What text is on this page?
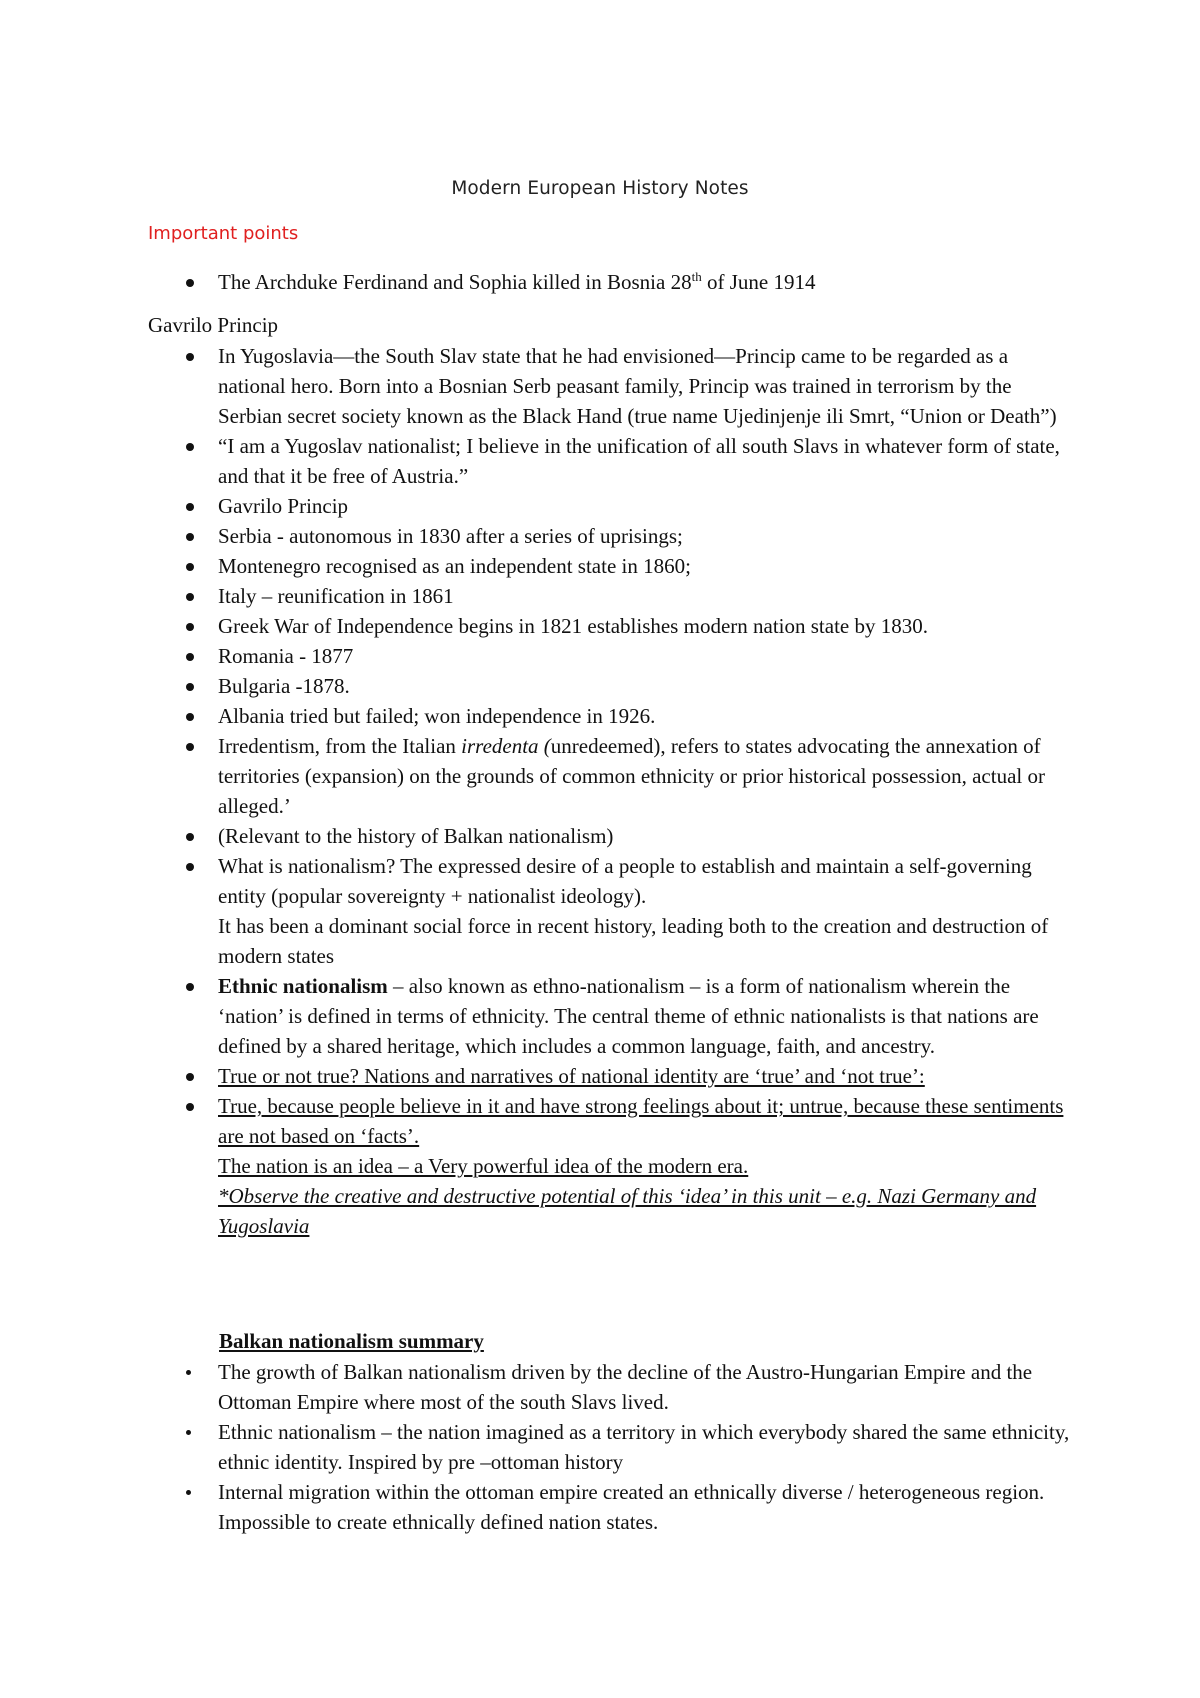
Modern European History Notes
Important points
The Archduke Ferdinand and Sophia killed in Bosnia 28th of June 1914
Gavrilo Princip
In Yugoslavia—the South Slav state that he had envisioned—Princip came to be regarded as a national hero. Born into a Bosnian Serb peasant family, Princip was trained in terrorism by the Serbian secret society known as the Black Hand (true name Ujedinjenje ili Smrt, “Union or Death”)
“I am a Yugoslav nationalist; I believe in the unification of all south Slavs in whatever form of state, and that it be free of Austria.”
Gavrilo Princip
Serbia - autonomous in 1830 after a series of uprisings;
Montenegro recognised as an independent state in 1860;
Italy – reunification in 1861
Greek War of Independence begins in 1821 establishes modern nation state by 1830.
Romania - 1877
Bulgaria -1878.
Albania tried but failed; won independence in 1926.
Irredentism, from the Italian irredenta (unredeemed), refers to states advocating the annexation of territories (expansion) on the grounds of common ethnicity or prior historical possession, actual or alleged.’
(Relevant to the history of Balkan nationalism)
What is nationalism? The expressed desire of a people to establish and maintain a self-governing entity (popular sovereignty + nationalist ideology).
It has been a dominant social force in recent history, leading both to the creation and destruction of modern states
Ethnic nationalism – also known as ethno-nationalism – is a form of nationalism wherein the ‘nation’ is defined in terms of ethnicity. The central theme of ethnic nationalists is that nations are defined by a shared heritage, which includes a common language, faith, and ancestry.
True or not true? Nations and narratives of national identity are ‘true’ and ‘not true’:
True, because people believe in it and have strong feelings about it; untrue, because these sentiments are not based on ‘facts’.
The nation is an idea – a Very powerful idea of the modern era.
*Observe the creative and destructive potential of this ‘idea’ in this unit – e.g. Nazi Germany and Yugoslavia
Balkan nationalism summary
The growth of Balkan nationalism driven by the decline of the Austro-Hungarian Empire and the Ottoman Empire where most of the south Slavs lived.
Ethnic nationalism – the nation imagined as a territory in which everybody shared the same ethnicity, ethnic identity. Inspired by pre –ottoman history
Internal migration within the ottoman empire created an ethnically diverse / heterogeneous region. Impossible to create ethnically defined nation states.
